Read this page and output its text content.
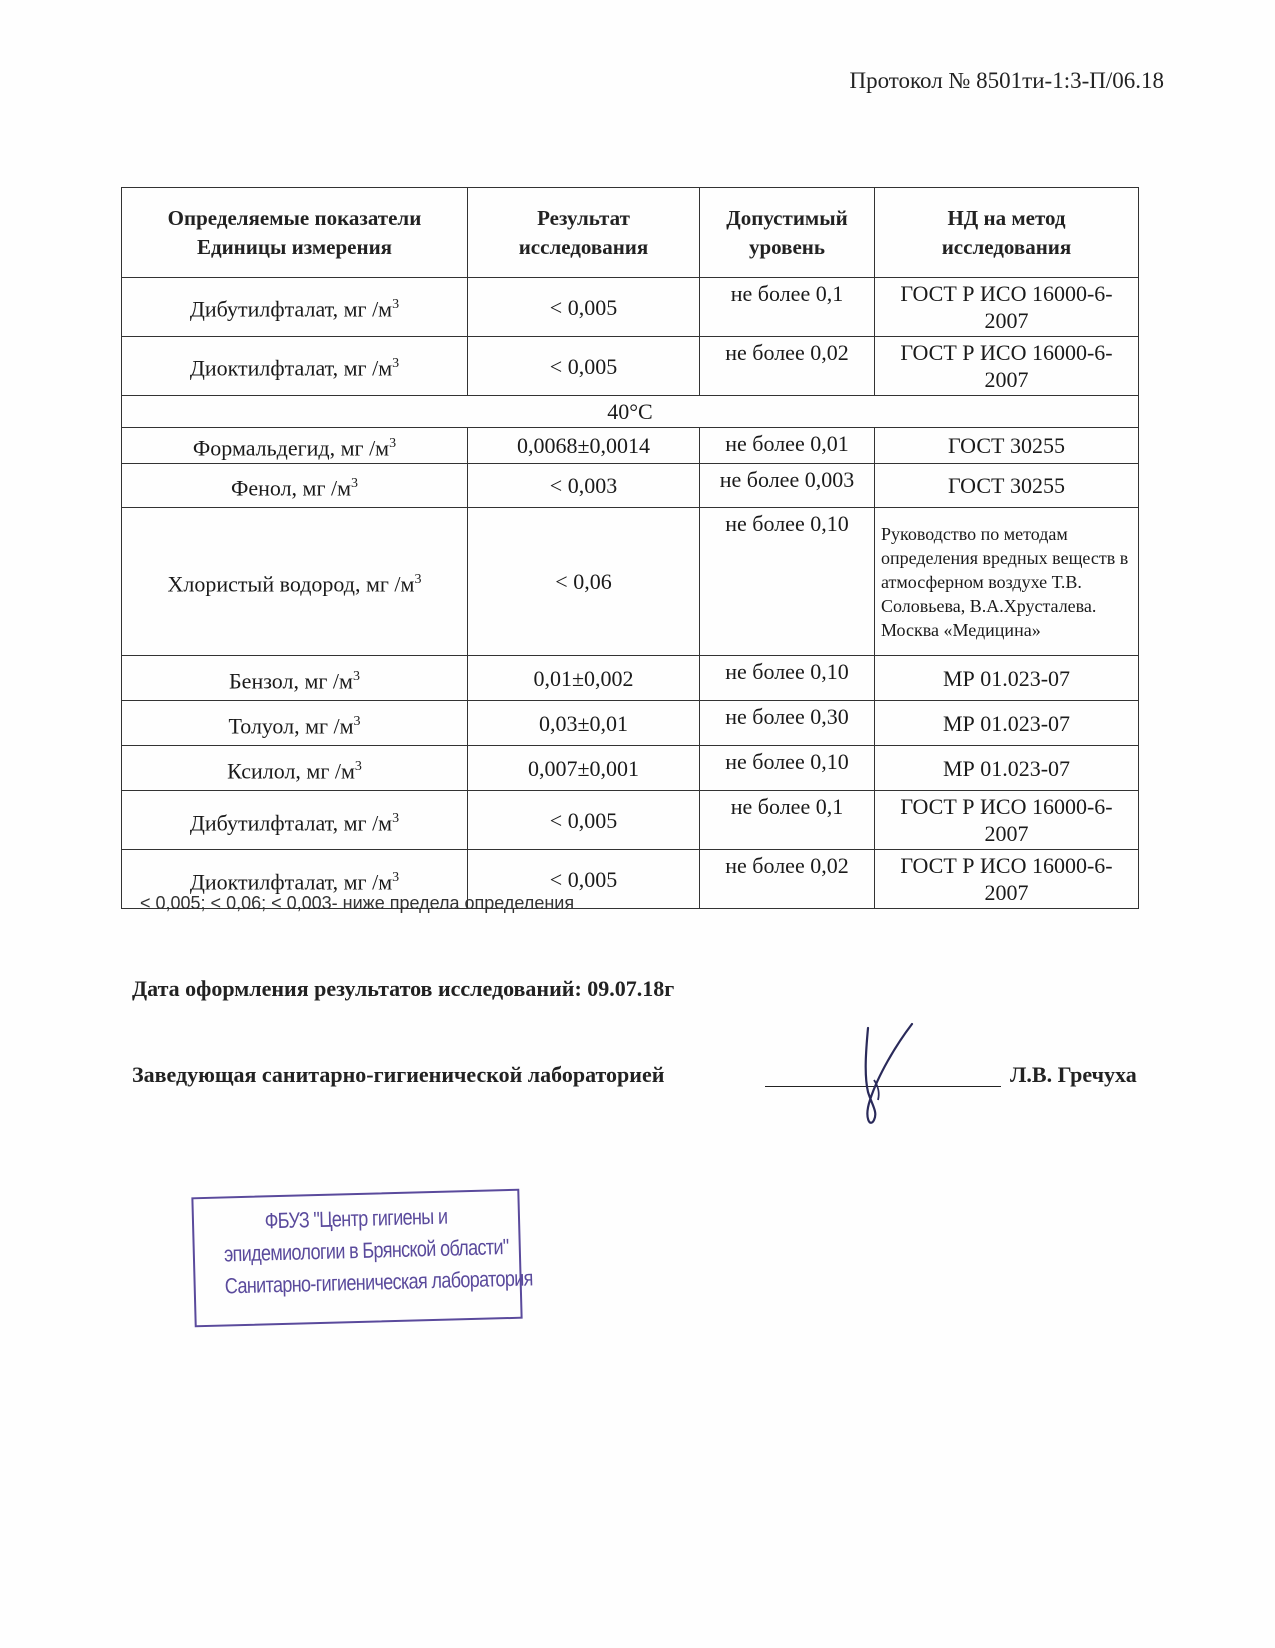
Протокол № 8501ти-1:3-П/06.18
Определяемые показатели Единицы измерения	Результат исследования	Допустимый уровень	НД на метод исследования
Дибутилфталат, мг $/м^3$	< 0,005	не более 0,1	ГОСТ Р ИСО 16000-6-2007
Диоктилфталат, мг $/м^3$	< 0,005	не более 0,02	ГОСТ Р ИСО 16000-6-2007
40°С			
Формальдегид, мг $/м^3$	0,0068±0,0014	не более 0,01	ГОСТ 30255
Фенол, мг $/м^3$	< 0,003	не более 0,003	ГОСТ 30255
Хлористый водород, мг $/м^3$	< 0,06	не более 0,10	Руководство по методам определения вредных веществ в атмосферном воздухе Т.В. Соловьева, В.А.Хрусталева. Москва «Медицина»
Бензол, мг $/м^3$	0,01±0,002	не более 0,10	МР 01.023-07
Толуол, мг $/м^3$	0,03±0,01	не более 0,30	МР 01.023-07
Ксилол, мг $/м^3$	0,007±0,001	не более 0,10	МР 01.023-07
Дибутилфталат, мг $/м^3$	< 0,005	не более 0,1	ГОСТ Р ИСО 16000-6-2007
Диоктилфталат, мг $/м^3$	< 0,005	не более 0,02	ГОСТ Р ИСО 16000-6-2007
< 0,005; < 0,06; < 0,003- ниже предела определения
Дата оформления результатов исследований: 09.07.18г
Заведующая санитарно-гигиенической лабораторией	Л.В. Гречуха
ФБУЗ "Центр гигиены и
эпидемиологии в Брянской области"
Санитарно-гигиеническая лаборатория
